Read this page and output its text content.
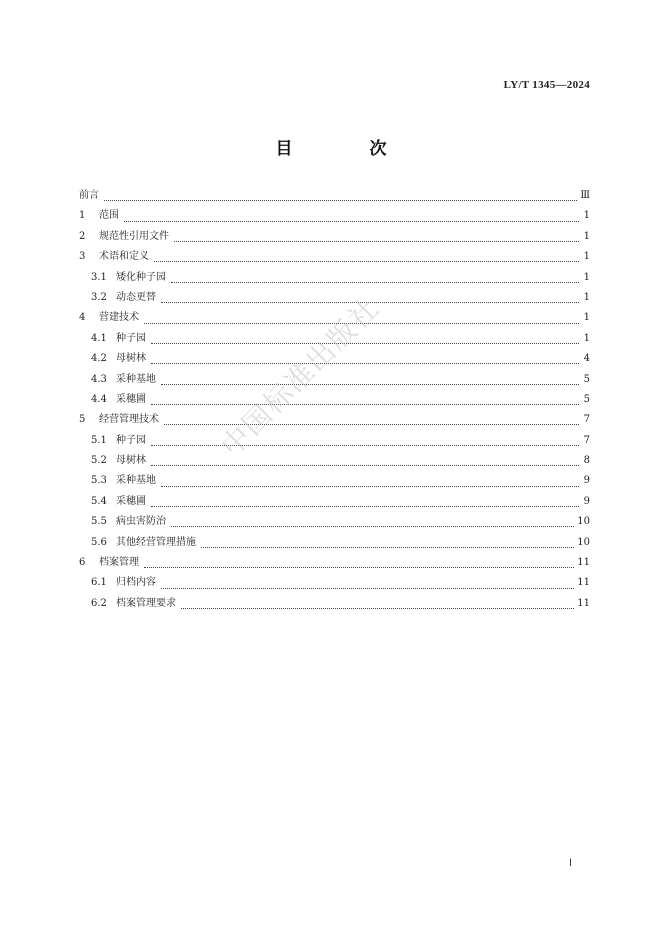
LY/T 1345—2024
目　次
前言	Ⅲ
1	范围	1
2	规范性引用文件	1
3	术语和定义	1
3.1 矮化种子园	1
3.2 动态更替	1
4	营建技术	1
4.1 种子园	1
4.2 母树林	4
4.3 采种基地	5
4.4 采穗圃	5
5	经营管理技术	7
5.1 种子园	7
5.2 母树林	8
5.3 采种基地	9
5.4 采穗圃	9
5.5 病虫害防治	10
5.6 其他经营管理措施	10
6	档案管理	11
6.1 归档内容	11
6.2 档案管理要求	11
中国标准出版社
Ⅰ
